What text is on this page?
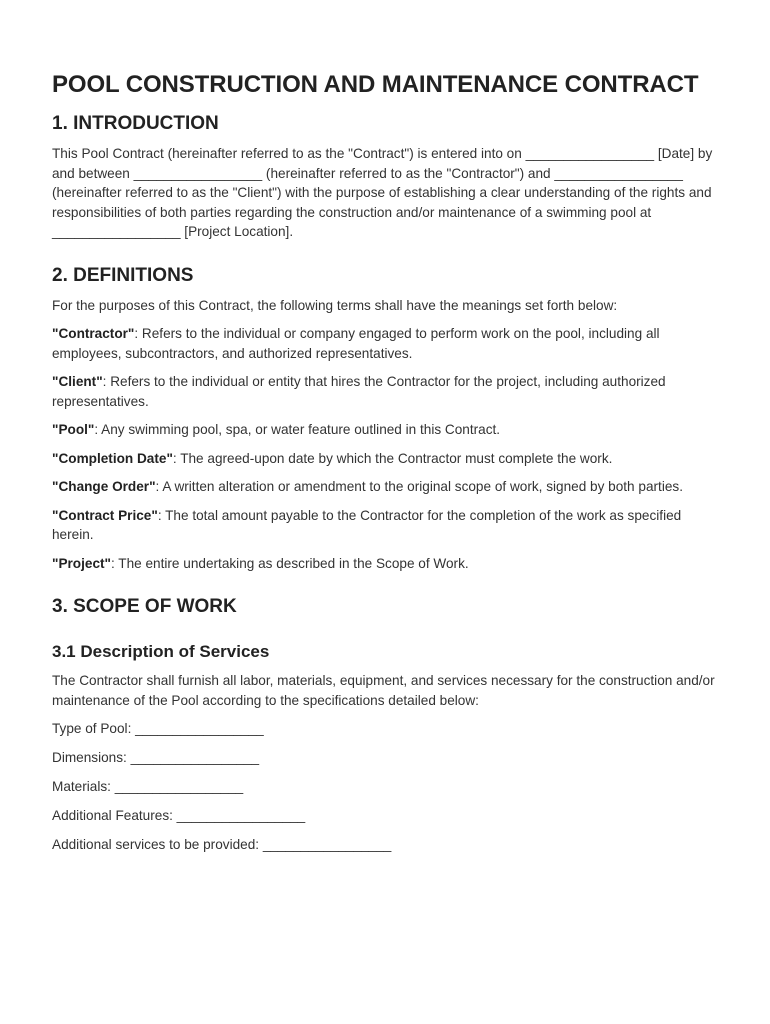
POOL CONSTRUCTION AND MAINTENANCE CONTRACT
1. INTRODUCTION

This Pool Contract (hereinafter referred to as the "Contract") is entered into on _________________ [Date] by and between _________________ (hereinafter referred to as the "Contractor") and _________________ (hereinafter referred to as the "Client") with the purpose of establishing a clear understanding of the rights and responsibilities of both parties regarding the construction and/or maintenance of a swimming pool at _________________ [Project Location].

2. DEFINITIONS

For the purposes of this Contract, the following terms shall have the meanings set forth below:

"Contractor": Refers to the individual or company engaged to perform work on the pool, including all employees, subcontractors, and authorized representatives.

"Client": Refers to the individual or entity that hires the Contractor for the project, including authorized representatives.

"Pool": Any swimming pool, spa, or water feature outlined in this Contract.

"Completion Date": The agreed-upon date by which the Contractor must complete the work.

"Change Order": A written alteration or amendment to the original scope of work, signed by both parties.

"Contract Price": The total amount payable to the Contractor for the completion of the work as specified herein.

"Project": The entire undertaking as described in the Scope of Work.

3. SCOPE OF WORK
3.1 Description of Services

The Contractor shall furnish all labor, materials, equipment, and services necessary for the construction and/or maintenance of the Pool according to the specifications detailed below:

Type of Pool: _________________

Dimensions: _________________

Materials: _________________

Additional Features: _________________

Additional services to be provided: _________________
